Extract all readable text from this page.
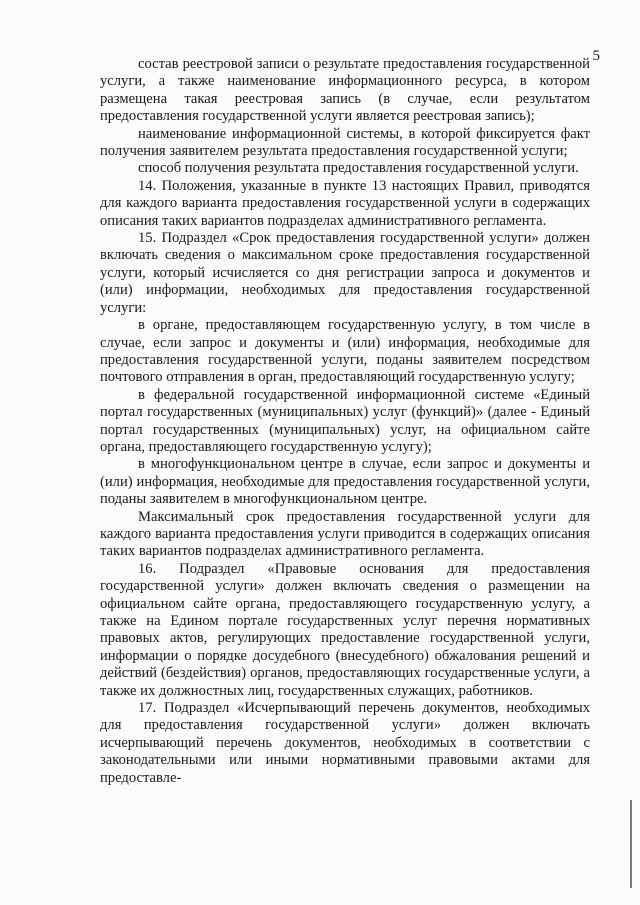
5

состав реестровой записи о результате предоставления государственной услуги, а также наименование информационного ресурса, в котором размещена такая реестровая запись (в случае, если результатом предоставления государственной услуги является реестровая запись);

наименование информационной системы, в которой фиксируется факт получения заявителем результата предоставления государственной услуги;

способ получения результата предоставления государственной услуги.

14. Положения, указанные в пункте 13 настоящих Правил, приводятся для каждого варианта предоставления государственной услуги в содержащих описания таких вариантов подразделах административного регламента.

15. Подраздел «Срок предоставления государственной услуги» должен включать сведения о максимальном сроке предоставления государственной услуги, который исчисляется со дня регистрации запроса и документов и (или) информации, необходимых для предоставления государственной услуги:

в органе, предоставляющем государственную услугу, в том числе в случае, если запрос и документы и (или) информация, необходимые для предоставления государственной услуги, поданы заявителем посредством почтового отправления в орган, предоставляющий государственную услугу;

в федеральной государственной информационной системе «Единый портал государственных (муниципальных) услуг (функций)» (далее - Единый портал государственных (муниципальных) услуг, на официальном сайте органа, предоставляющего государственную услугу);

в многофункциональном центре в случае, если запрос и документы и (или) информация, необходимые для предоставления государственной услуги, поданы заявителем в многофункциональном центре.

Максимальный срок предоставления государственной услуги для каждого варианта предоставления услуги приводится в содержащих описания таких вариантов подразделах административного регламента.

16. Подраздел «Правовые основания для предоставления государственной услуги» должен включать сведения о размещении на официальном сайте органа, предоставляющего государственную услугу, а также на Едином портале государственных услуг перечня нормативных правовых актов, регулирующих предоставление государственной услуги, информации о порядке досудебного (внесудебного) обжалования решений и действий (бездействия) органов, предоставляющих государственные услуги, а также их должностных лиц, государственных служащих, работников.

17. Подраздел «Исчерпывающий перечень документов, необходимых для предоставления государственной услуги» должен включать исчерпывающий перечень документов, необходимых в соответствии с законодательными или иными нормативными правовыми актами для предоставле-
